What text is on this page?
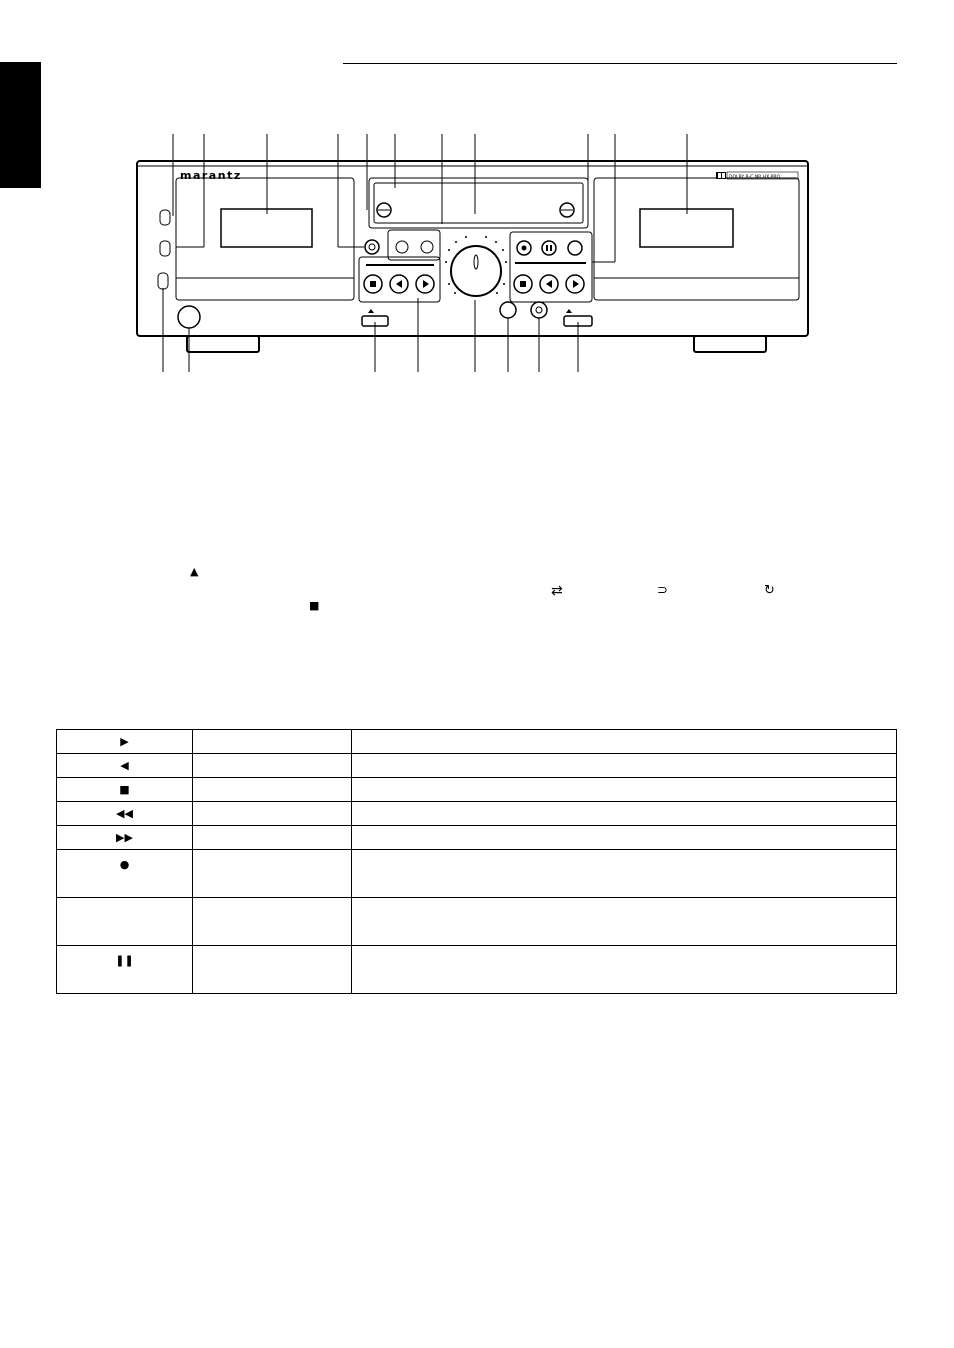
marantz	DOLBY B-C NR HX PRO
▲
■
⇄	⊃	↻
▶		
◀		
■		
◀◀		
▶▶		
●		

❚❚		
